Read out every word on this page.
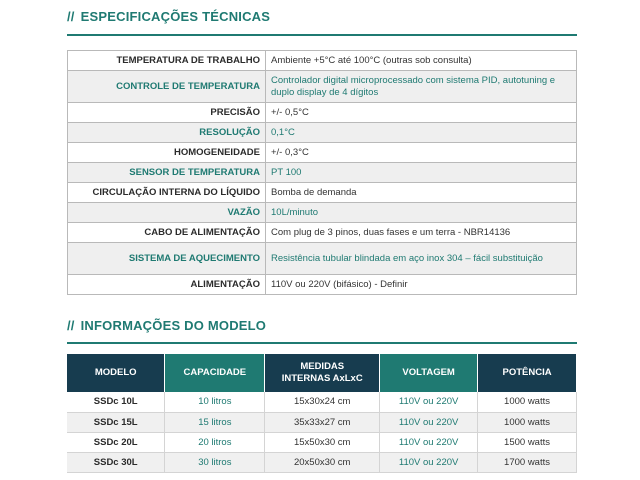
// ESPECIFICAÇÕES TÉCNICAS
TEMPERATURA DE TRABALHO	Ambiente +5°C até 100°C (outras sob consulta)
CONTROLE DE TEMPERATURA	Controlador digital microprocessado com sistema PID, autotuning e duplo display de 4 dígitos
PRECISÃO	+/- 0,5°C
RESOLUÇÃO	0,1°C
HOMOGENEIDADE	+/- 0,3°C
SENSOR DE TEMPERATURA	PT 100
CIRCULAÇÃO INTERNA DO LÍQUIDO	Bomba de demanda
VAZÃO	10L/minuto
CABO DE ALIMENTAÇÃO	Com plug de 3 pinos, duas fases e um terra - NBR14136
SISTEMA DE AQUECIMENTO	Resistência tubular blindada em aço inox 304 – fácil substituição
ALIMENTAÇÃO	110V ou 220V (bifásico) - Definir
// INFORMAÇÕES DO MODELO
MODELO	CAPACIDADE	MEDIDAS INTERNAS AxLxC	VOLTAGEM	POTÊNCIA
SSDc 10L	10 litros	15x30x24 cm	110V ou 220V	1000 watts
SSDc 15L	15 litros	35x33x27 cm	110V ou 220V	1000 watts
SSDc 20L	20 litros	15x50x30 cm	110V ou 220V	1500 watts
SSDc 30L	30 litros	20x50x30 cm	110V ou 220V	1700 watts
